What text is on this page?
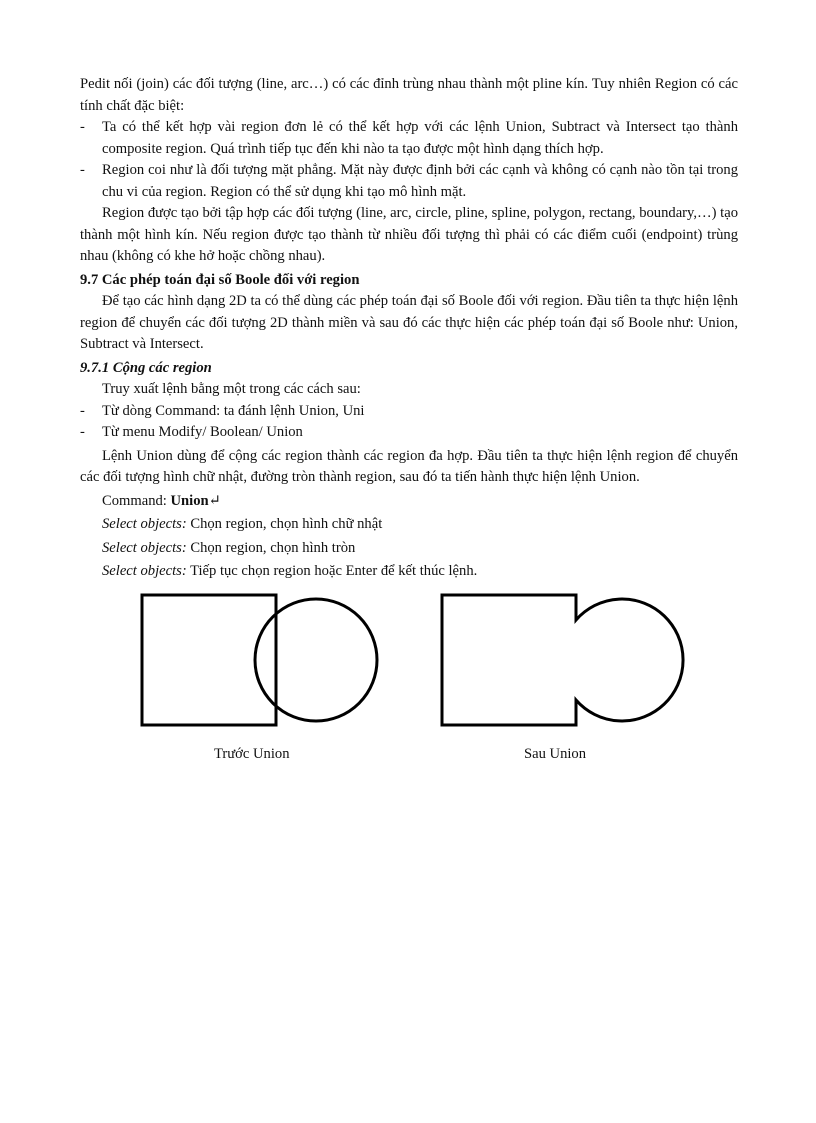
Pedit nối (join) các đối tượng (line, arc…) có các đỉnh trùng nhau thành một pline kín. Tuy nhiên Region có các tính chất đặc biệt:

- Ta có thể kết hợp vài region đơn lẻ có thể kết hợp với các lệnh Union, Subtract và Intersect tạo thành composite region. Quá trình tiếp tục đến khi nào ta tạo được một hình dạng thích hợp.
- Region coi như là đối tượng mặt phẳng. Mặt này được định bởi các cạnh và không có cạnh nào tồn tại trong chu vi của region. Region có thể sử dụng khi tạo mô hình mặt.

Region được tạo bởi tập hợp các đối tượng (line, arc, circle, pline, spline, polygon, rectang, boundary,…) tạo thành một hình kín. Nếu region được tạo thành từ nhiều đối tượng thì phải có các điểm cuối (endpoint) trùng nhau (không có khe hở hoặc chồng nhau).

9.7 Các phép toán đại số Boole đối với region

Để tạo các hình dạng 2D ta có thể dùng các phép toán đại số Boole đối với region. Đầu tiên ta thực hiện lệnh region để chuyển các đối tượng 2D thành miền và sau đó các thực hiện các phép toán đại số Boole như: Union, Subtract và Intersect.

9.7.1 Cộng các region

Truy xuất lệnh bằng một trong các cách sau:

- Từ dòng Command: ta đánh lệnh Union, Uni
- Từ menu Modify/ Boolean/ Union

Lệnh Union dùng để cộng các region thành các region đa hợp. Đầu tiên ta thực hiện lệnh region để chuyển các đối tượng hình chữ nhật, đường tròn thành region, sau đó ta tiến hành thực hiện lệnh Union.

Command: Union↵

Select objects: Chọn region, chọn hình chữ nhật

Select objects: Chọn region, chọn hình tròn

Select objects: Tiếp tục chọn region hoặc Enter để kết thúc lệnh.

Trước Union	Sau Union
